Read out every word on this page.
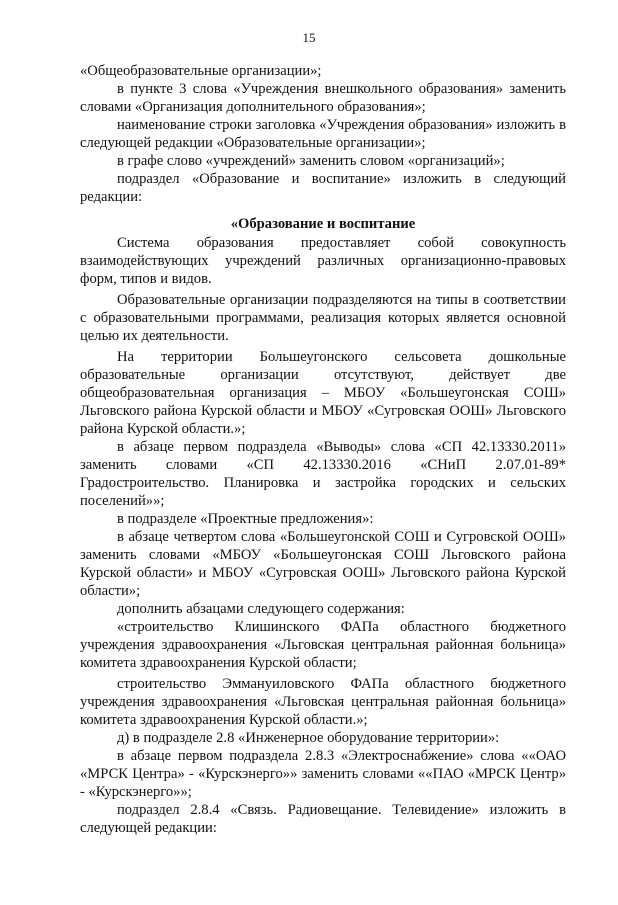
15

«Общеобразовательные организации»;

в пункте 3 слова «Учреждения внешкольного образования» заменить словами «Организация дополнительного образования»;

наименование строки заголовка «Учреждения образования» изложить в следующей редакции «Образовательные организации»;

в графе слово «учреждений» заменить словом «организаций»;

подраздел «Образование и воспитание» изложить в следующий редакции:

«Образование и воспитание

Система образования предоставляет собой совокупность взаимодействующих учреждений различных организационно-правовых форм, типов и видов.

Образовательные организации подразделяются на типы в соответствии с образовательными программами, реализация которых является основной целью их деятельности.

На территории Большеугонского сельсовета дошкольные образовательные организации отсутствуют, действует две общеобразовательная организация – МБОУ «Большеугонская СОШ» Льговского района Курской области и МБОУ «Сугровская ООШ» Льговского района Курской области.»;

в абзаце первом подраздела «Выводы» слова «СП 42.13330.2011» заменить словами «СП 42.13330.2016 «СНиП 2.07.01-89* Градостроительство. Планировка и застройка городских и сельских поселений»»;

в подразделе «Проектные предложения»:

в абзаце четвертом слова «Большеугонской СОШ и Сугровской ООШ» заменить словами «МБОУ «Большеугонская СОШ Льговского района Курской области» и МБОУ «Сугровская ООШ» Льговского района Курской области»;

дополнить абзацами следующего содержания:

«строительство Клишинского ФАПа областного бюджетного учреждения здравоохранения «Льговская центральная районная больница» комитета здравоохранения Курской области;

строительство Эммануиловского ФАПа областного бюджетного учреждения здравоохранения «Льговская центральная районная больница» комитета здравоохранения Курской области.»;

д) в подразделе 2.8 «Инженерное оборудование территории»:

в абзаце первом подраздела 2.8.3 «Электроснабжение» слова ««ОАО «МРСК Центра» - «Курскэнерго»» заменить словами ««ПАО «МРСК Центр» - «Курскэнерго»»;

подраздел 2.8.4 «Связь. Радиовещание. Телевидение» изложить в следующей редакции:
